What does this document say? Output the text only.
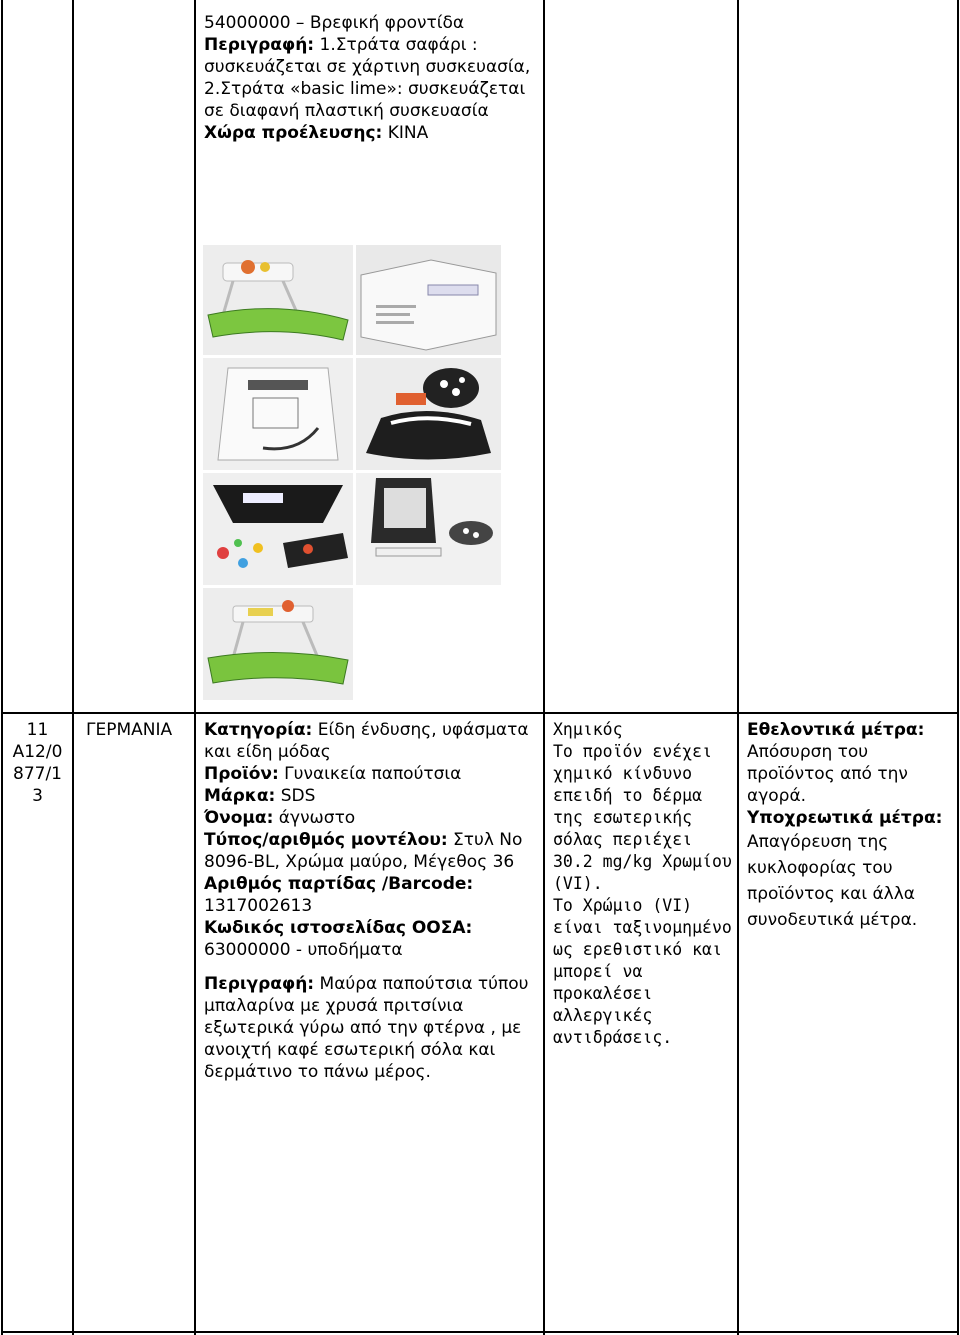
54000000 – Βρεφική φροντίδα

Περιγραφή: 1.Στράτα σαφάρι : συσκευάζεται σε χάρτινη συσκευασία, 2.Στράτα «basic lime»: συσκευάζεται σε διαφανή πλαστική συσκευασία

Χώρα προέλευσης: ΚΙΝΑ

11

A12/0

877/1

3

ΓΕΡΜΑΝΙΑ	Κατηγορία: Είδη ένδυσης, υφάσματα και είδη μόδας

Προϊόν: Γυναικεία παπούτσια

Μάρκα: SDS

Όνομα: άγνωστο

Τύπος/αριθμός μοντέλου: Στυλ Νο 8096-BL, Χρώμα μαύρο, Μέγεθος 36

Αριθμός παρτίδας /Barcode:
1317002613

Κωδικός ιστοσελίδας ΟΟΣΑ:
63000000 - υποδήματα

Περιγραφή: Μαύρα παπούτσια τύπου μπαλαρίνα με χρυσά πριτσίνια εξωτερικά γύρω από την φτέρνα , με ανοιχτή καφέ εσωτερική σόλα και δερμάτινο το πάνω μέρος.

Χημικός

Το προϊόν ενέχει χημικό κίνδυνο επειδή το δέρμα της εσωτερικής σόλας περιέχει 30.2 mg/kg Χρωμίου (VI).

Το Χρώμιο (VI) είναι ταξινομημένο ως ερεθιστικό και μπορεί να προκαλέσει αλλεργικές αντιδράσεις.

Εθελοντικά μέτρα:

Απόσυρση του προϊόντος από την αγορά.

Υποχρεωτικά μέτρα:

Απαγόρευση της κυκλοφορίας του προϊόντος και άλλα συνοδευτικά μέτρα.
